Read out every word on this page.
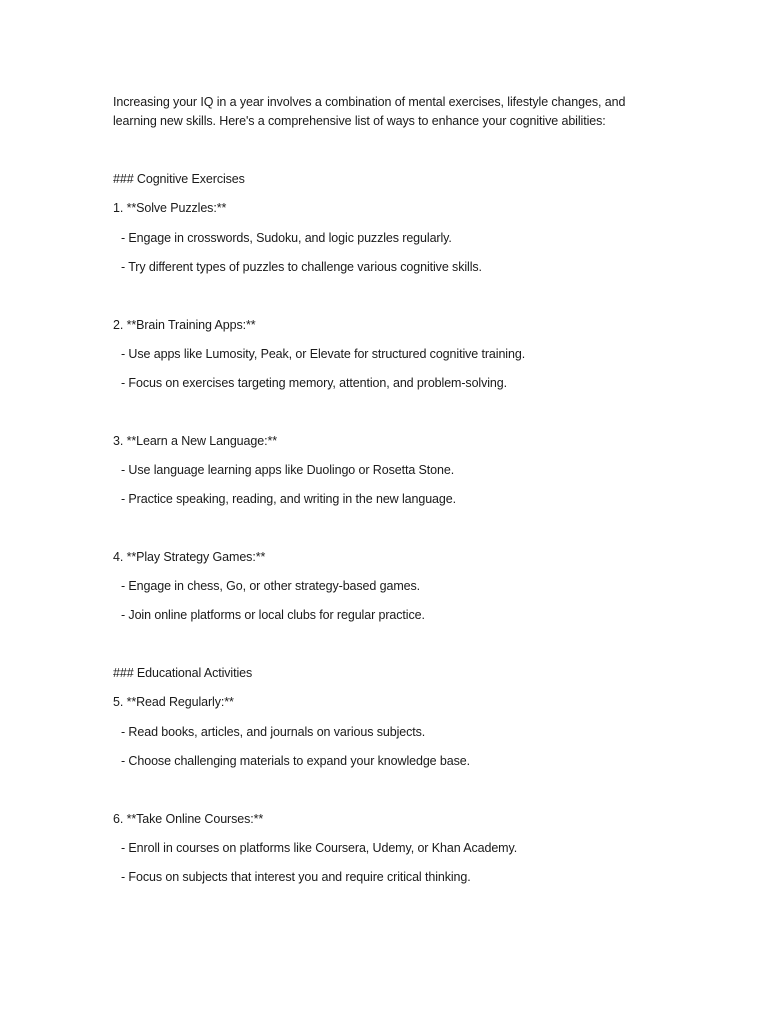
Increasing your IQ in a year involves a combination of mental exercises, lifestyle changes, and
learning new skills. Here's a comprehensive list of ways to enhance your cognitive abilities:
### Cognitive Exercises
1. **Solve Puzzles:**
- Engage in crosswords, Sudoku, and logic puzzles regularly.
- Try different types of puzzles to challenge various cognitive skills.
2. **Brain Training Apps:**
- Use apps like Lumosity, Peak, or Elevate for structured cognitive training.
- Focus on exercises targeting memory, attention, and problem-solving.
3. **Learn a New Language:**
- Use language learning apps like Duolingo or Rosetta Stone.
- Practice speaking, reading, and writing in the new language.
4. **Play Strategy Games:**
- Engage in chess, Go, or other strategy-based games.
- Join online platforms or local clubs for regular practice.
### Educational Activities
5. **Read Regularly:**
- Read books, articles, and journals on various subjects.
- Choose challenging materials to expand your knowledge base.
6. **Take Online Courses:**
- Enroll in courses on platforms like Coursera, Udemy, or Khan Academy.
- Focus on subjects that interest you and require critical thinking.
